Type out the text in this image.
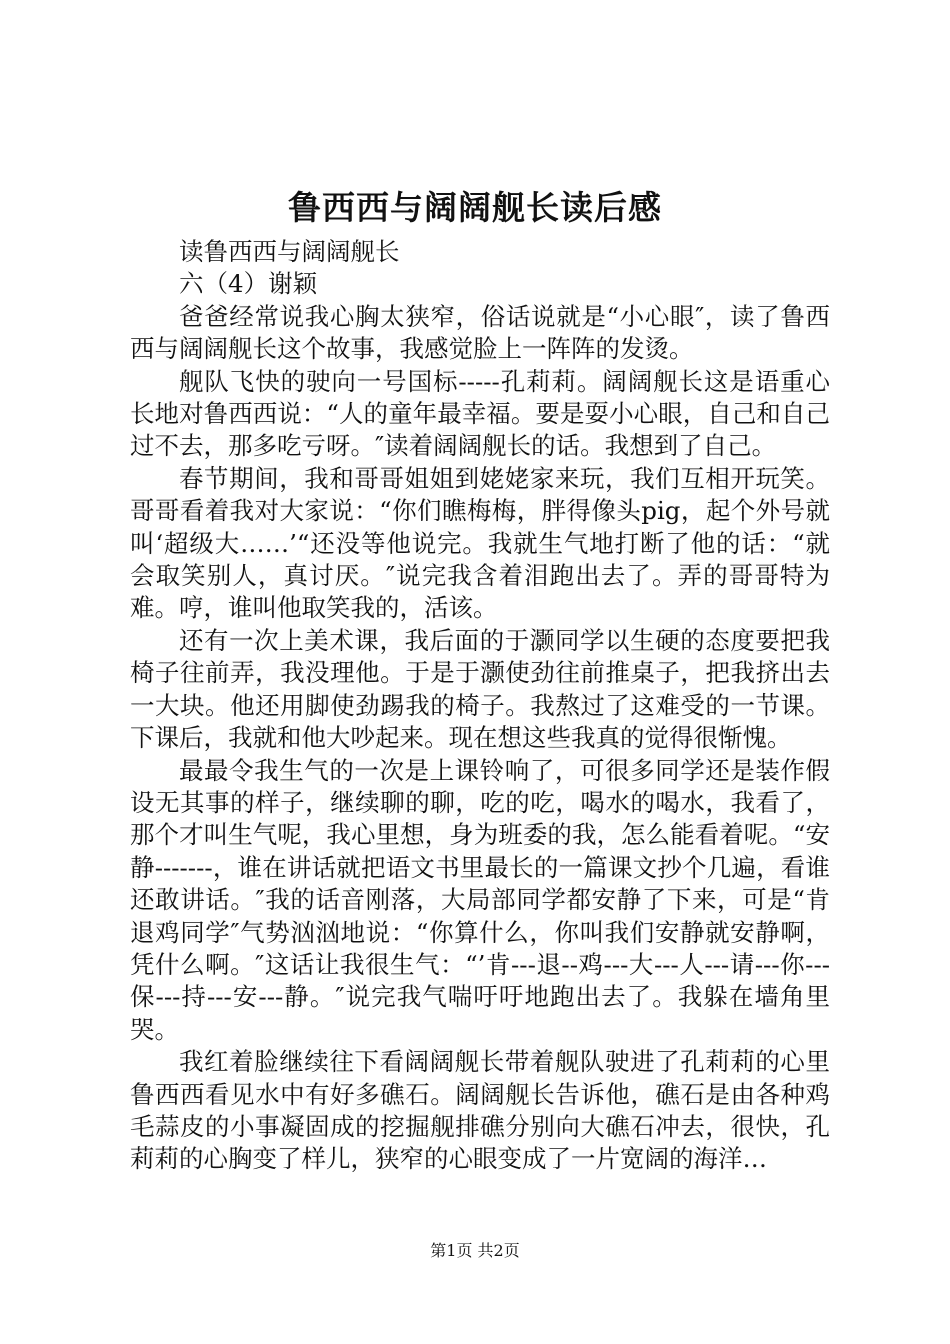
鲁西西与阔阔舰长读后感

读鲁西西与阔阔舰长

六（4）谢颖

爸爸经常说我心胸太狭窄，俗话说就是“小心眼″，读了鲁西西与阔阔舰长这个故事，我感觉脸上一阵阵的发烫。

舰队飞快的驶向一号国标-----孔莉莉。阔阔舰长这是语重心长地对鲁西西说：“人的童年最幸福。要是耍小心眼，自己和自己过不去，那多吃亏呀。″读着阔阔舰长的话。我想到了自己。

春节期间，我和哥哥姐姐到姥姥家来玩，我们互相开玩笑。哥哥看着我对大家说：“你们瞧梅梅，胖得像头pig，起个外号就叫‘超级大……’“还没等他说完。我就生气地打断了他的话：“就会取笑别人，真讨厌。″说完我含着泪跑出去了。弄的哥哥特为难。哼，谁叫他取笑我的，活该。

还有一次上美术课，我后面的于灏同学以生硬的态度要把我椅子往前弄，我没理他。于是于灏使劲往前推桌子，把我挤出去一大块。他还用脚使劲踢我的椅子。我熬过了这难受的一节课。下课后，我就和他大吵起来。现在想这些我真的觉得很惭愧。

最最令我生气的一次是上课铃响了，可很多同学还是装作假设无其事的样子，继续聊的聊，吃的吃，喝水的喝水，我看了，那个才叫生气呢，我心里想，身为班委的我，怎么能看着呢。“安静-------，谁在讲话就把语文书里最长的一篇课文抄个几遍，看谁还敢讲话。″我的话音刚落，大局部同学都安静了下来，可是“肯退鸡同学″气势汹汹地说：“你算什么，你叫我们安静就安静啊，凭什么啊。″这话让我很生气：“’肯---退--鸡---大---人---请---你---保---持---安---静。″说完我气喘吁吁地跑出去了。我躲在墙角里哭。

我红着脸继续往下看阔阔舰长带着舰队驶进了孔莉莉的心里鲁西西看见水中有好多礁石。阔阔舰长告诉他，礁石是由各种鸡毛蒜皮的小事凝固成的挖掘舰排礁分别向大礁石冲去，很快，孔莉莉的心胸变了样儿，狭窄的心眼变成了一片宽阔的海洋…

第1页 共2页
